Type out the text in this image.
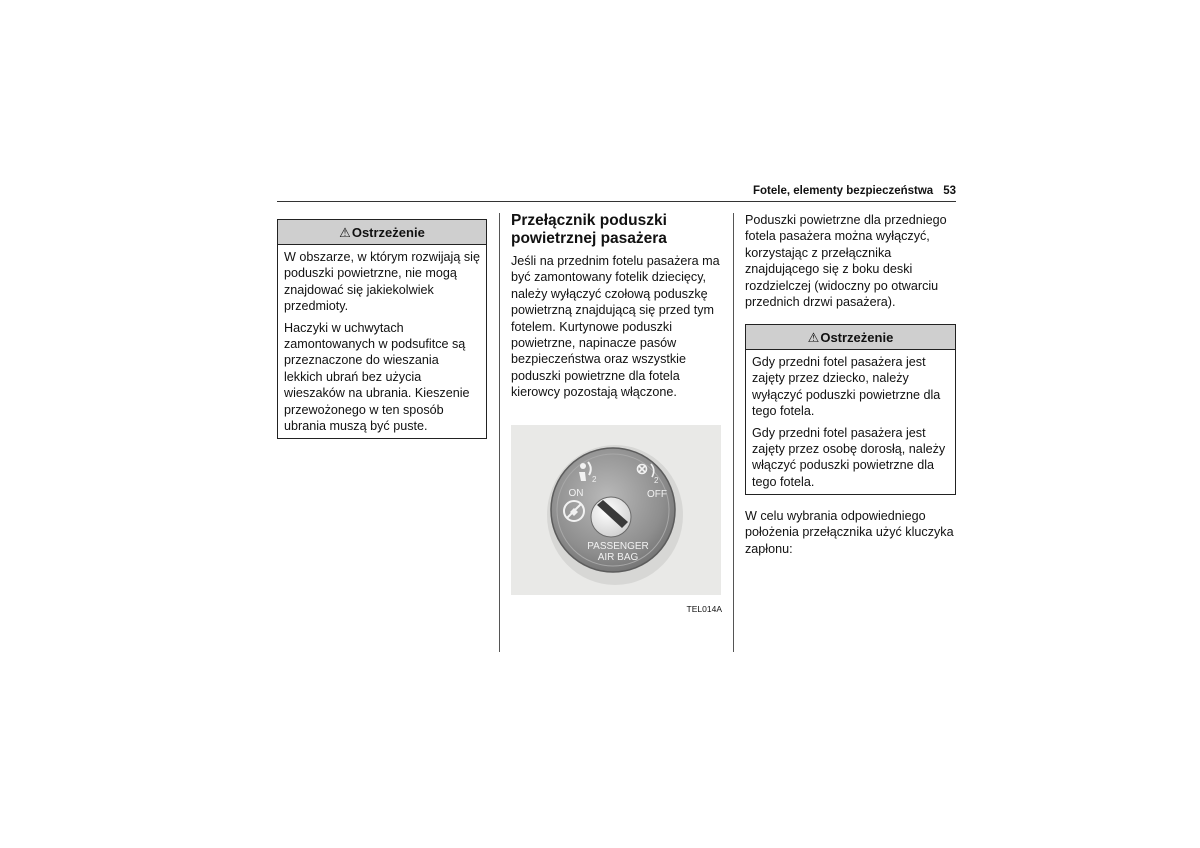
Fotele, elementy bezpieczeństwa 53
⚠Ostrzeżenie

W obszarze, w którym rozwijają się poduszki powietrzne, nie mogą znajdować się jakiekolwiek przedmioty.

Haczyki w uchwytach zamontowanych w podsufitce są przeznaczone do wieszania lekkich ubrań bez użycia wieszaków na ubrania. Kieszenie przewożonego w ten sposób ubrania muszą być puste.

Przełącznik poduszki powietrznej pasażera

Jeśli na przednim fotelu pasażera ma być zamontowany fotelik dziecięcy, należy wyłączyć czołową poduszkę powietrzną znajdującą się przed tym fotelem. Kurtynowe poduszki powietrzne, napinacze pasów bezpieczeństwa oraz wszystkie poduszki powietrzne dla fotela kierowcy pozostają włączone.

2
ON
2
OFF
PASSENGER
AIR BAG
TEL014A

Poduszki powietrzne dla przedniego fotela pasażera można wyłączyć, korzystając z przełącznika znajdującego się z boku deski rozdzielczej (widoczny po otwarciu przednich drzwi pasażera).

⚠Ostrzeżenie

Gdy przedni fotel pasażera jest zajęty przez dziecko, należy wyłączyć poduszki powietrzne dla tego fotela.

Gdy przedni fotel pasażera jest zajęty przez osobę dorosłą, należy włączyć poduszki powietrzne dla tego fotela.

W celu wybrania odpowiedniego położenia przełącznika użyć kluczyka zapłonu:
